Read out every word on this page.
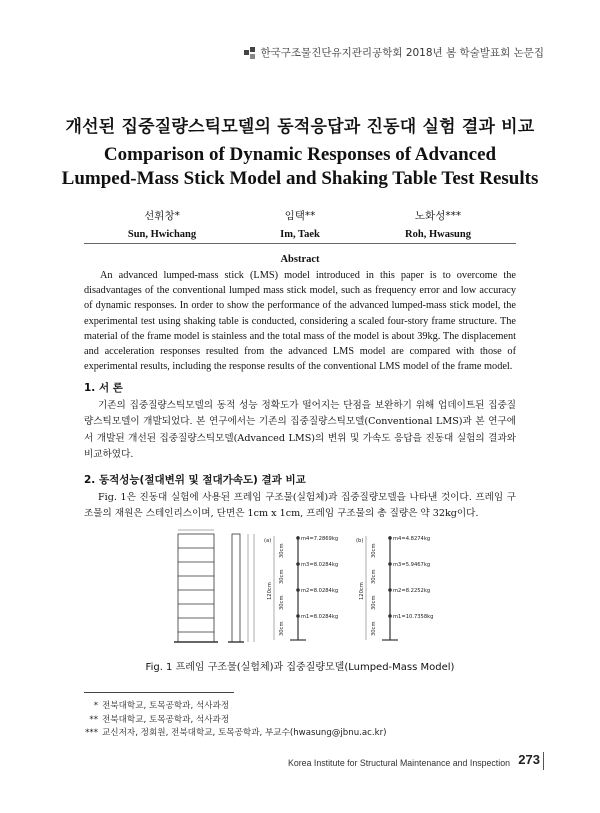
한국구조물진단유지관리공학회 2018년 봄 학술발표회 논문집
개선된 집중질량스틱모델의 동적응답과 진동대 실험 결과 비교
Comparison of Dynamic Responses of Advanced
Lumped-Mass Stick Model and Shaking Table Test Results
선휘창*
Sun, Hwichang
임택**
Im, Taek
노화성***
Roh, Hwasung
Abstract
An advanced lumped-mass stick (LMS) model introduced in this paper is to overcome the disadvantages of the conventional lumped mass stick model, such as frequency error and low accuracy of dynamic responses. In order to show the performance of the advanced lumped-mass stick model, the experimental test using shaking table is conducted, considering a scaled four-story frame structure. The material of the frame model is stainless and the total mass of the model is about 39kg. The displacement and acceleration responses resulted from the advanced LMS model are compared with those of experimental results, including the response results of the conventional LMS model of the frame model.
1. 서 론
기존의 집중질량스틱모델의 동적 성능 정확도가 떨어지는 단점을 보완하기 위해 업데이트된 집중질량스틱모델이 개발되었다. 본 연구에서는 기존의 집중질량스틱모델(Conventional LMS)과 본 연구에서 개발된 개선된 집중질량스틱모델(Advanced LMS)의 변위 및 가속도 응답을 진동대 실험의 결과와 비교하였다.
2. 동적성능(절대변위 및 절대가속도) 결과 비교
Fig. 1은 진동대 실험에 사용된 프레임 구조물(실험체)과 집중질량모델을 나타낸 것이다. 프레임 구조물의 재원은 스테인리스이며, 단면은 1cm x 1cm, 프레임 구조물의 총 질량은 약 32kg이다.
(a)	(b)
m4=7.2869kg
m3=8.0284kg
m2=8.0284kg
m1=8.0284kg
m4=4.8274kg
m3=5.9467kg
m2=8.2252kg
m1=10.7358kg
30cm
30cm
30cm
30cm
120cm
30cm
30cm
30cm
30cm
120cm
Fig. 1 프레임 구조물(실험체)과 집중질량모델(Lumped-Mass Model)
* 전북대학교, 토목공학과, 석사과정
** 전북대학교, 토목공학과, 석사과정
*** 교신저자, 정회원, 전북대학교, 토목공학과, 부교수(hwasung@jbnu.ac.kr)
Korea Institute for Structural Maintenance and Inspection 273
